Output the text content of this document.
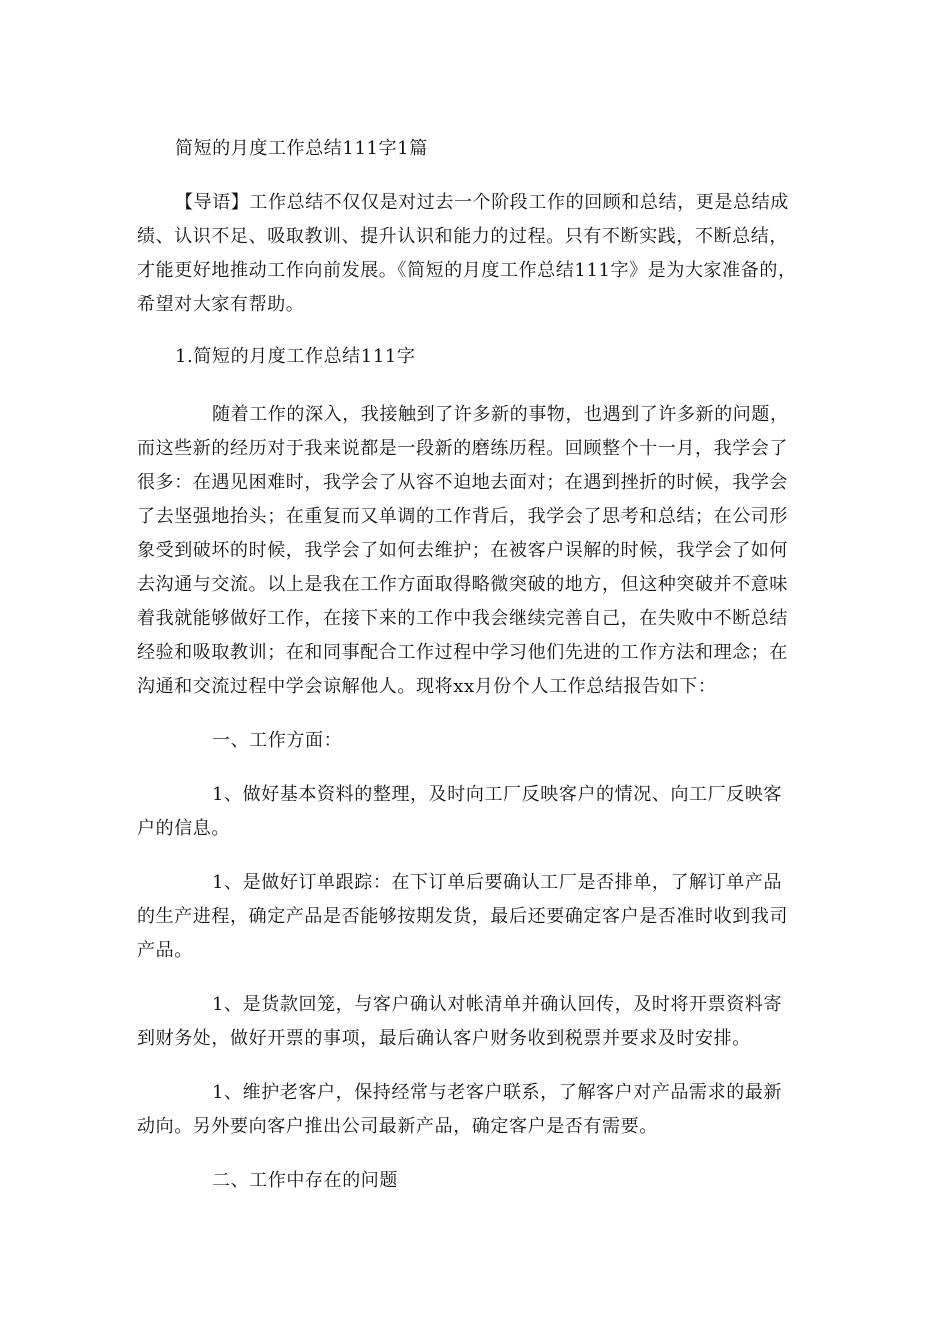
简短的月度工作总结111字1篇
【导语】工作总结不仅仅是对过去一个阶段工作的回顾和总结，更是总结成
绩、认识不足、吸取教训、提升认识和能力的过程。只有不断实践，不断总结，
才能更好地推动工作向前发展。《简短的月度工作总结111字》是为大家准备的，
希望对大家有帮助。
1.简短的月度工作总结111字
随着工作的深入，我接触到了许多新的事物，也遇到了许多新的问题，
而这些新的经历对于我来说都是一段新的磨练历程。回顾整个十一月，我学会了
很多：在遇见困难时，我学会了从容不迫地去面对；在遇到挫折的时候，我学会
了去坚强地抬头；在重复而又单调的工作背后，我学会了思考和总结；在公司形
象受到破坏的时候，我学会了如何去维护；在被客户误解的时候，我学会了如何
去沟通与交流。以上是我在工作方面取得略微突破的地方，但这种突破并不意味
着我就能够做好工作，在接下来的工作中我会继续完善自己，在失败中不断总结
经验和吸取教训；在和同事配合工作过程中学习他们先进的工作方法和理念；在
沟通和交流过程中学会谅解他人。现将xx月份个人工作总结报告如下：
一、工作方面：
1、做好基本资料的整理，及时向工厂反映客户的情况、向工厂反映客
户的信息。
1、是做好订单跟踪：在下订单后要确认工厂是否排单，了解订单产品
的生产进程，确定产品是否能够按期发货，最后还要确定客户是否准时收到我司
产品。
1、是货款回笼，与客户确认对帐清单并确认回传，及时将开票资料寄
到财务处，做好开票的事项，最后确认客户财务收到税票并要求及时安排。
1、维护老客户，保持经常与老客户联系，了解客户对产品需求的最新
动向。另外要向客户推出公司最新产品，确定客户是否有需要。
二、工作中存在的问题
